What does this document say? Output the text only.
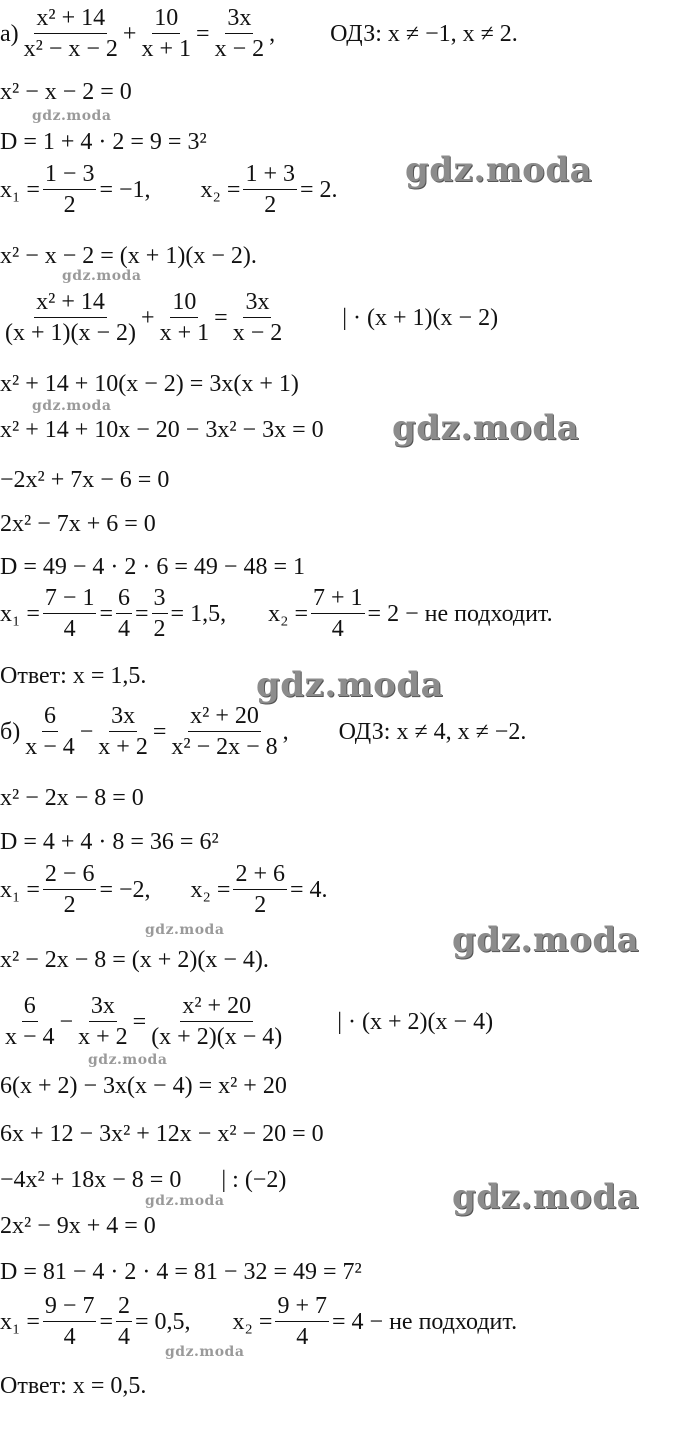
$а) \frac{\text{x² + 14}}{\text{x² − x − 2}} + \frac{10}{x + 1} = \frac{3x}{x - 2}$ , ОДЗ: x ≠ −1, x ≠ 2.
x² − x − 2 = 0
D = 1 + 4 · 2 = 9 = 3²
$x_1 = \frac{1 - 3}{2} = -1$, $x_2 = \frac{1 + 3}{2} = 2$.
x² − x − 2 = (x + 1)(x − 2).
$\frac{\text{x² + 14}}{(x + 1)(x - 2)} + \frac{10}{x + 1} = \frac{3x}{x - 2}$ | · (x + 1)(x − 2)
x² + 14 + 10(x − 2) = 3x(x + 1)
x² + 14 + 10x − 20 − 3x² − 3x = 0
−2x² + 7x − 6 = 0
2x² − 7x + 6 = 0
D = 49 − 4 · 2 · 6 = 49 − 48 = 1
$x_1 = \frac{7 - 1}{4} = \frac{6}{4} = \frac{3}{2} = 1,5$, $x_2 = \frac{7 + 1}{4} = 2$ − не подходит.
Ответ: x = 1,5.
$б) \frac{6}{x - 4} - \frac{3x}{x + 2} = \frac{\text{x² + 20}}{\text{x² − 2x − 8}}$ , ОДЗ: x ≠ 4, x ≠ −2.
x² − 2x − 8 = 0
D = 4 + 4 · 8 = 36 = 6²
$x_1 = \frac{2 - 6}{2} = -2$, $x_2 = \frac{2 + 6}{2} = 4$.
x² − 2x − 8 = (x + 2)(x − 4).
$\frac{6}{x - 4} - \frac{3x}{x + 2} = \frac{\text{x² + 20}}{(x + 2)(x - 4)}$ | · (x + 2)(x − 4)
6(x + 2) − 3x(x − 4) = x² + 20
6x + 12 − 3x² + 12x − x² − 20 = 0
−4x² + 18x − 8 = 0 | : (−2)
2x² − 9x + 4 = 0
D = 81 − 4 · 2 · 4 = 81 − 32 = 49 = 7²
$x_1 = \frac{9 - 7}{4} = \frac{2}{4} = 0,5$, $x_2 = \frac{9 + 7}{4} = 4$ − не подходит.
Ответ: x = 0,5.
gdz.moda
gdz.moda
gdz.moda
gdz.moda
gdz.moda
gdz.moda
gdz.moda	gdz.moda
gdz.moda
gdz.moda	gdz.moda
gdz.moda
